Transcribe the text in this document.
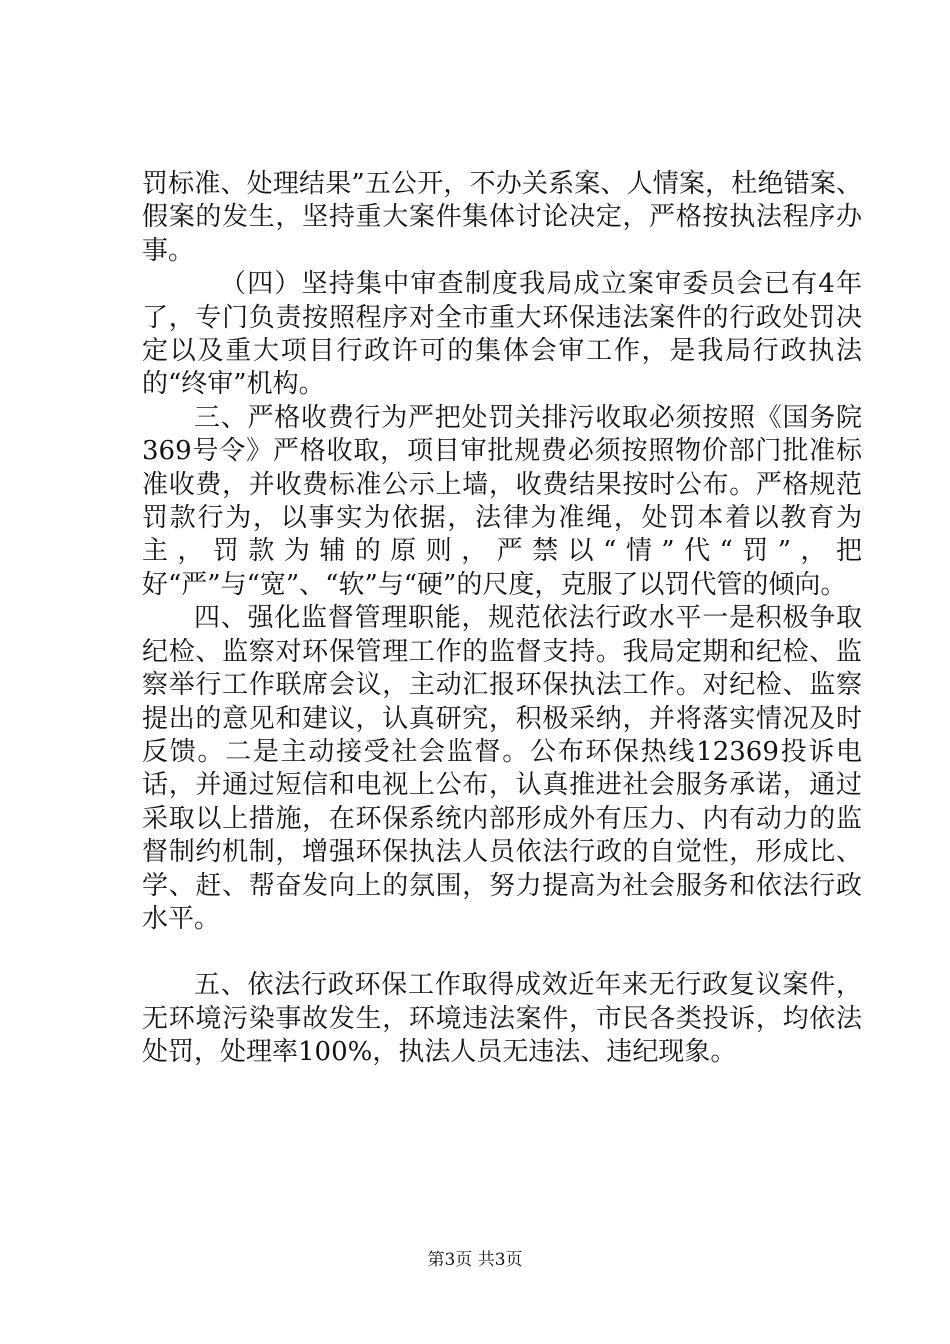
罚标准、处理结果”五公开，不办关系案、人情案，杜绝错案、假案的发生，坚持重大案件集体讨论决定，严格按执法程序办事。

（四）坚持集中审查制度我局成立案审委员会已有4年了，专门负责按照程序对全市重大环保违法案件的行政处罚决定以及重大项目行政许可的集体会审工作，是我局行政执法的“终审”机构。

三、严格收费行为严把处罚关排污收取必须按照《国务院369号令》严格收取，项目审批规费必须按照物价部门批准标准收费，并收费标准公示上墙，收费结果按时公布。严格规范罚款行为，以事实为依据，法律为准绳，处罚本着以教育为主，罚款为辅的原则，严禁以“情”代“罚”，把好“严”与“宽”、“软”与“硬”的尺度，克服了以罚代管的倾向。

四、强化监督管理职能，规范依法行政水平一是积极争取纪检、监察对环保管理工作的监督支持。我局定期和纪检、监察举行工作联席会议，主动汇报环保执法工作。对纪检、监察提出的意见和建议，认真研究，积极采纳，并将落实情况及时反馈。二是主动接受社会监督。公布环保热线12369投诉电话，并通过短信和电视上公布，认真推进社会服务承诺，通过采取以上措施，在环保系统内部形成外有压力、内有动力的监督制约机制，增强环保执法人员依法行政的自觉性，形成比、学、赶、帮奋发向上的氛围，努力提高为社会服务和依法行政水平。

五、依法行政环保工作取得成效近年来无行政复议案件，无环境污染事故发生，环境违法案件，市民各类投诉，均依法处罚，处理率100%，执法人员无违法、违纪现象。

第3页 共3页
